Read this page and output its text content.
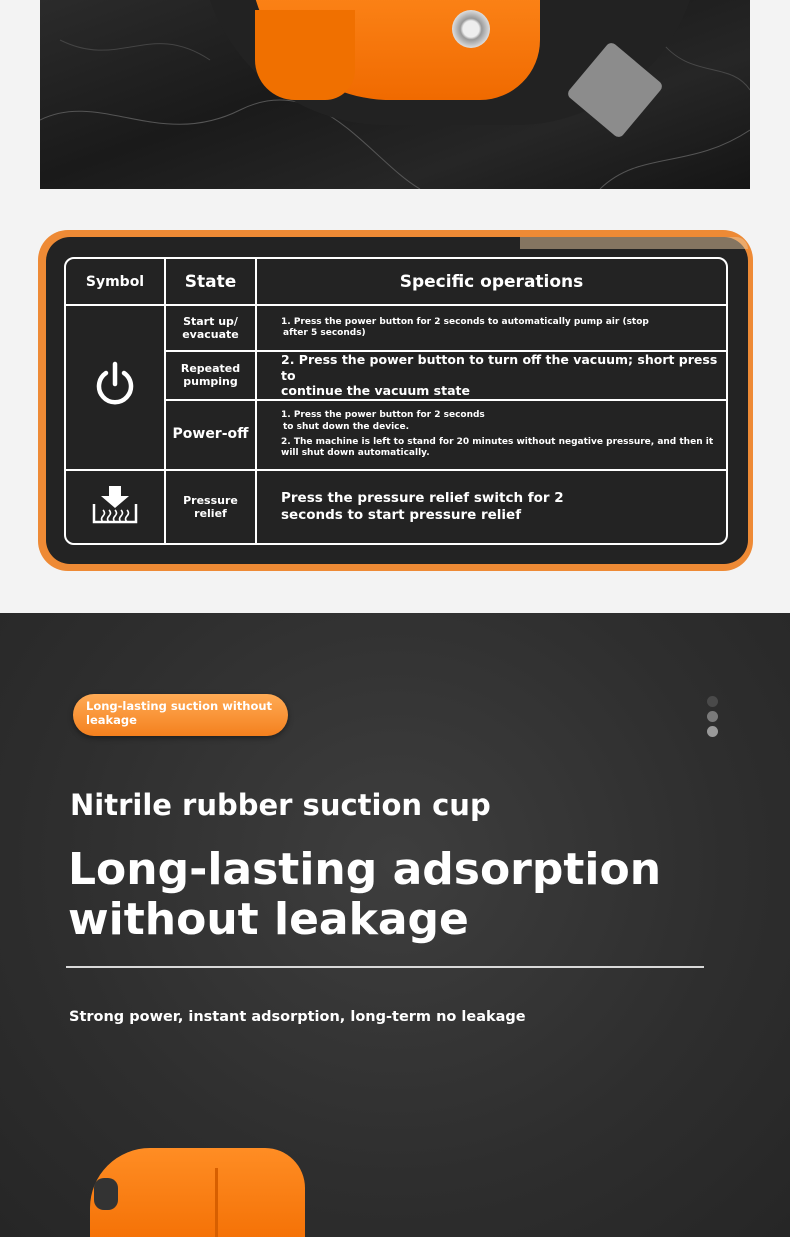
Symbol	State	Specific operations
	Start up/ evacuate	1. Press the power button for 2 seconds to automatically pump air (stop
after 5 seconds)

	Repeated pumping	2. Press the power button to turn off the vacuum; short press to
continue the vacuum state

	Power-off	1. Press the power button for 2 seconds
to shut down the device.
2. The machine is left to stand for 20 minutes without negative pressure, and then it
will shut down automatically.

	Pressure relief	Press the pressure relief switch for 2
seconds to start pressure relief
Long-lasting suction without leakage
Nitrile rubber suction cup
Long-lasting adsorption
without leakage
Strong power, instant adsorption, long-term no leakage
